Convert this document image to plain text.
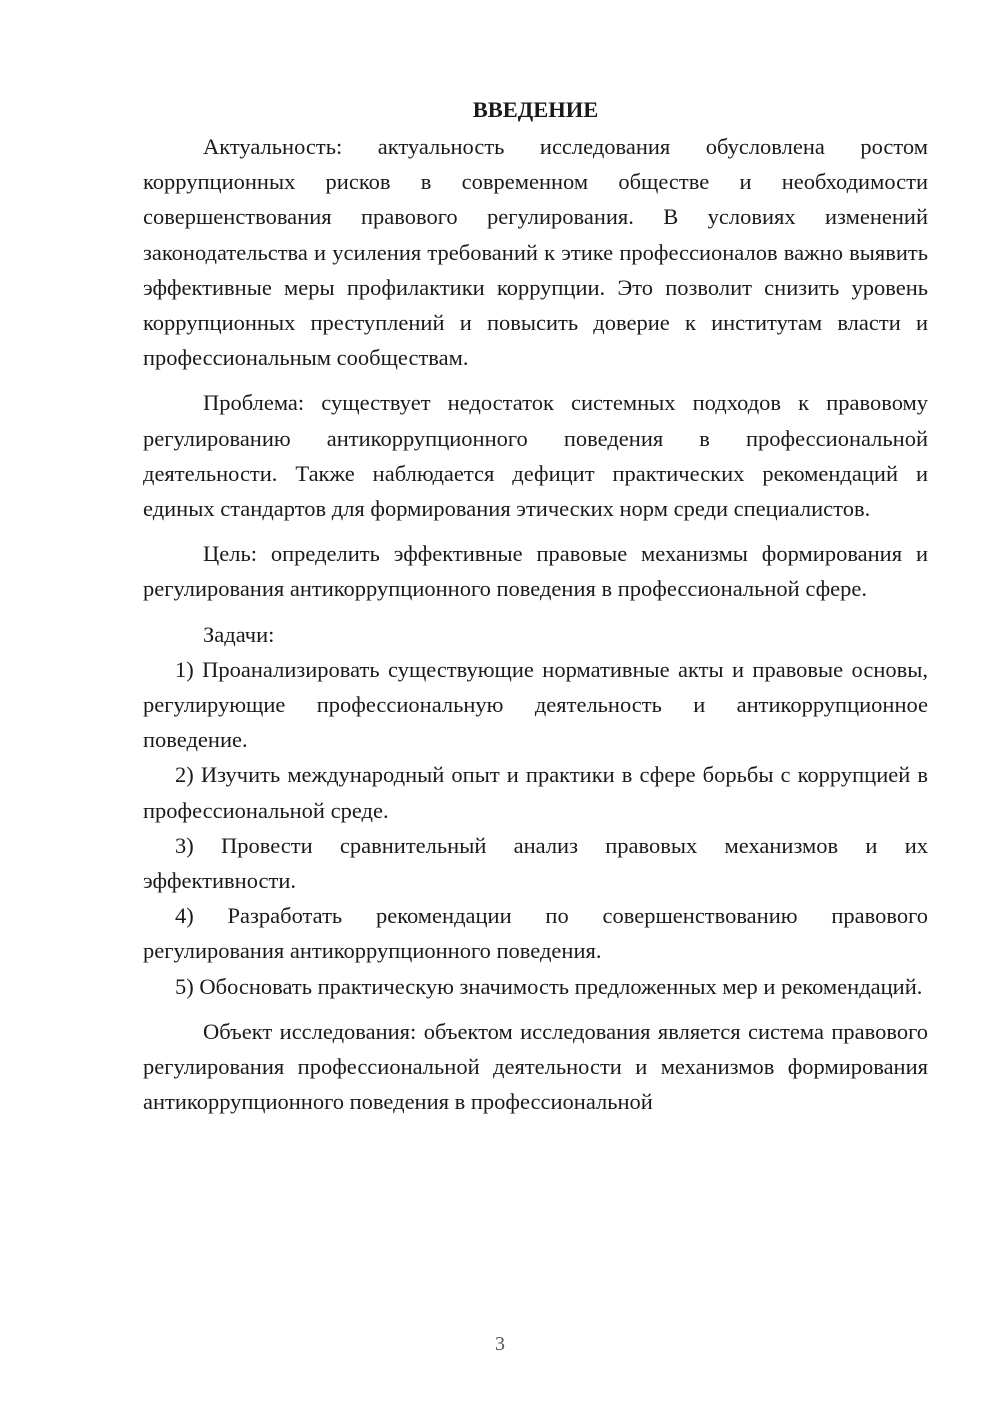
ВВЕДЕНИЕ

Актуальность: актуальность исследования обусловлена ростом коррупционных рисков в современном обществе и необходимости совершенствования правового регулирования. В условиях изменений законодательства и усиления требований к этике профессионалов важно выявить эффективные меры профилактики коррупции. Это позволит снизить уровень коррупционных преступлений и повысить доверие к институтам власти и профессиональным сообществам.

Проблема: существует недостаток системных подходов к правовому регулированию антикоррупционного поведения в профессиональной деятельности. Также наблюдается дефицит практических рекомендаций и единых стандартов для формирования этических норм среди специалистов.

Цель: определить эффективные правовые механизмы формирования и регулирования антикоррупционного поведения в профессиональной сфере.

Задачи:

1) Проанализировать существующие нормативные акты и правовые основы, регулирующие профессиональную деятельность и антикоррупционное поведение.

2) Изучить международный опыт и практики в сфере борьбы с коррупцией в профессиональной среде.

3) Провести сравнительный анализ правовых механизмов и их эффективности.

4) Разработать рекомендации по совершенствованию правового регулирования антикоррупционного поведения.

5) Обосновать практическую значимость предложенных мер и рекомендаций.

Объект исследования: объектом исследования является система правового регулирования профессиональной деятельности и механизмов формирования антикоррупционного поведения в профессиональной

3
